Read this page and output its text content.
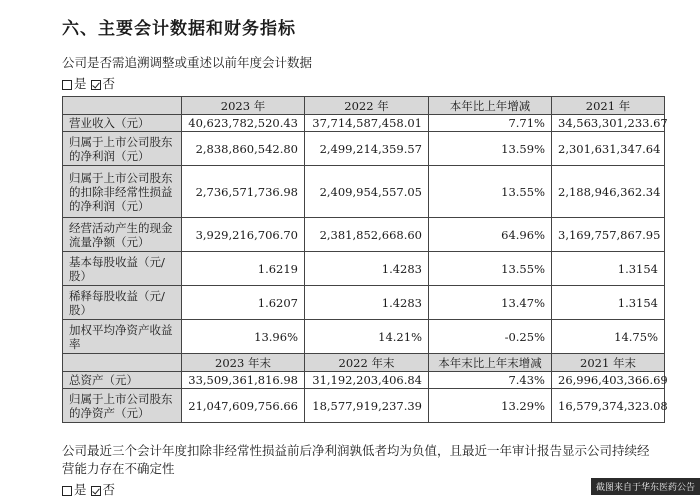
六、主要会计数据和财务指标
公司是否需追溯调整或重述以前年度会计数据
是 否
	2023 年	2022 年	本年比上年增减	2021 年
营业收入（元）	40,623,782,520.43	37,714,587,458.01	7.71%	34,563,301,233.67
归属于上市公司股东的净利润（元）	2,838,860,542.80	2,499,214,359.57	13.59%	2,301,631,347.64
归属于上市公司股东的扣除非经常性损益的净利润（元）	2,736,571,736.98	2,409,954,557.05	13.55%	2,188,946,362.34
经营活动产生的现金流量净额（元）	3,929,216,706.70	2,381,852,668.60	64.96%	3,169,757,867.95
基本每股收益（元/股）	1.6219	1.4283	13.55%	1.3154
稀释每股收益（元/股）	1.6207	1.4283	13.47%	1.3154
加权平均净资产收益率	13.96%	14.21%	-0.25%	14.75%
	2023 年末	2022 年末	本年末比上年末增减	2021 年末
总资产（元）	33,509,361,816.98	31,192,203,406.84	7.43%	26,996,403,366.69
归属于上市公司股东的净资产（元）	21,047,609,756.66	18,577,919,237.39	13.29%	16,579,374,323.08
公司最近三个会计年度扣除非经常性损益前后净利润孰低者均为负值，且最近一年审计报告显示公司持续经营能力存在不确定性
是 否	截图来自于华东医药公告
